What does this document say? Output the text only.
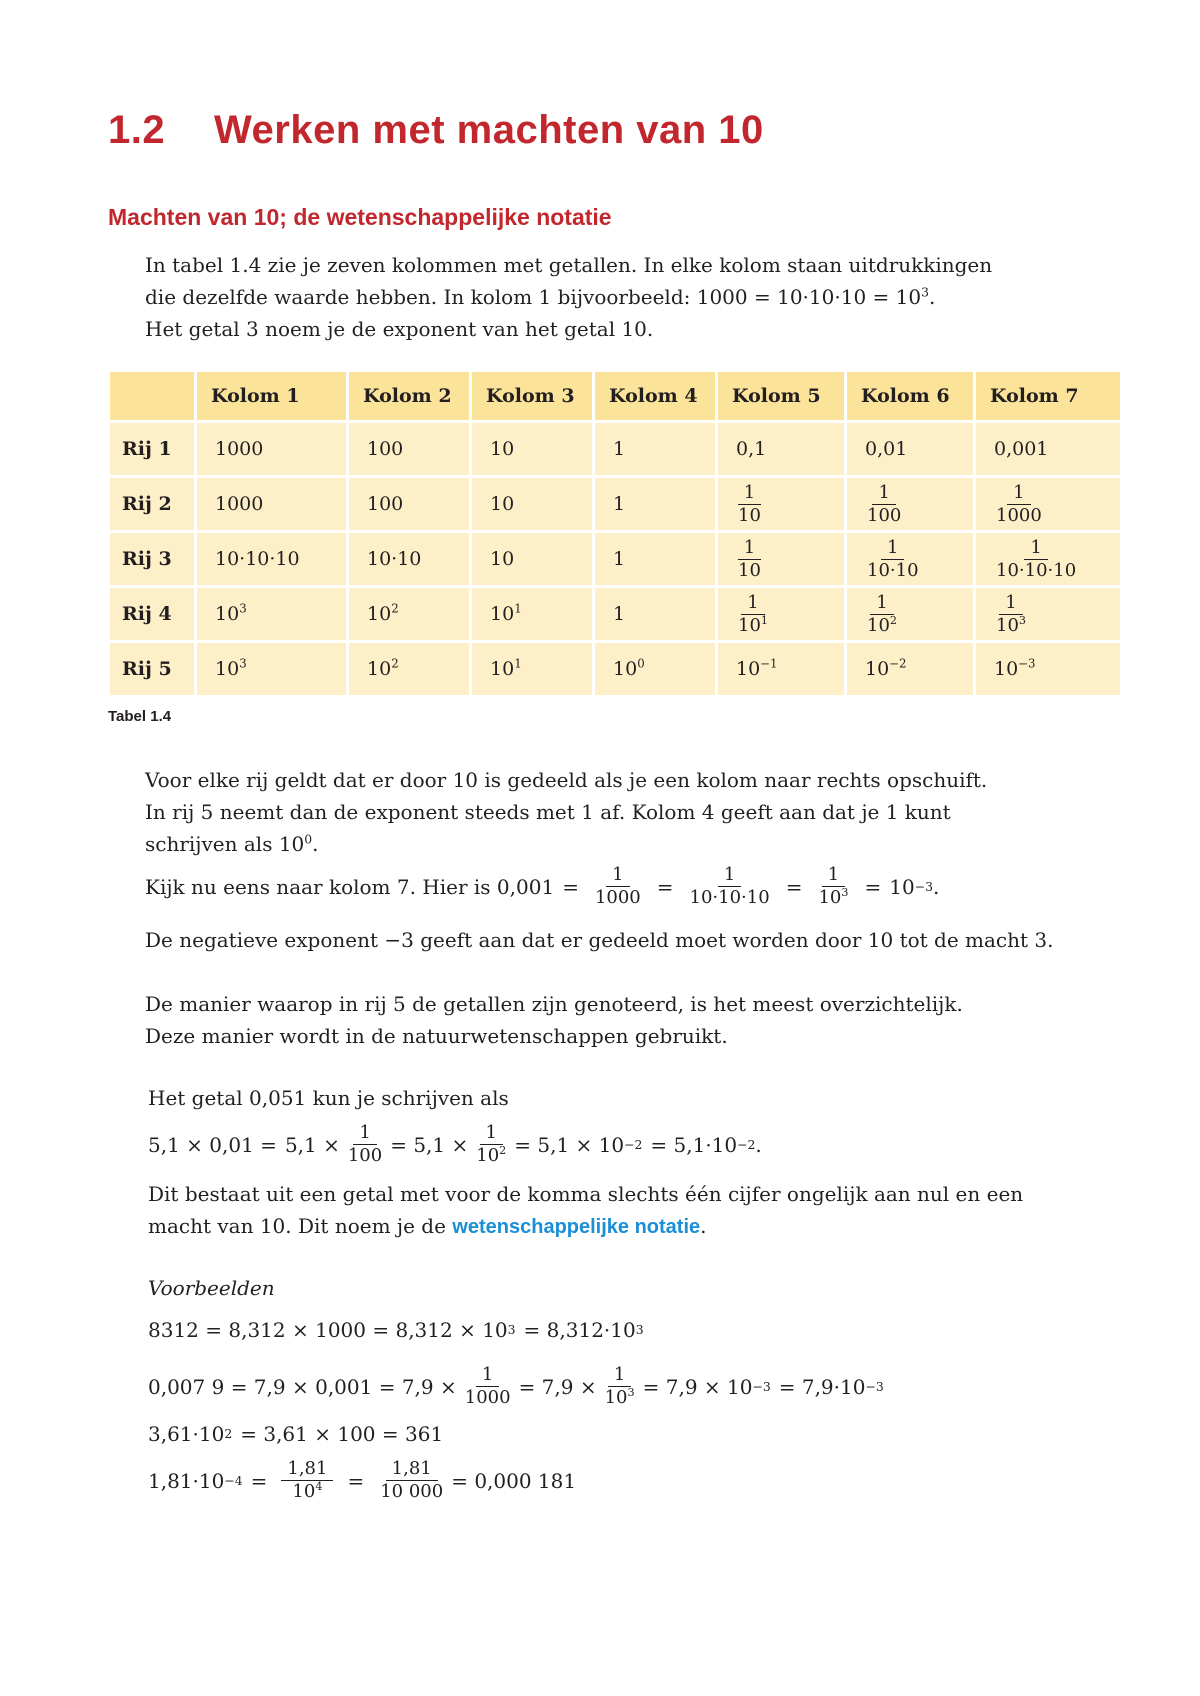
1.2 Werken met machten van 10
Machten van 10; de wetenschappelijke notatie
In tabel 1.4 zie je zeven kolommen met getallen. In elke kolom staan uitdrukkingen
die dezelfde waarde hebben. In kolom 1 bijvoorbeeld: $1000 = 10\cdot 10\cdot 10 = 10^3$.
Het getal 3 noem je de exponent van het getal 10.
	Kolom 1	Kolom 2	Kolom 3	Kolom 4	Kolom 5	Kolom 6	Kolom 7
Rij 1	1000	100	10	1	0,1	0,01	0,001
Rij 2	1000	100	10	1	$\frac{1}{10}$	$\frac{1}{100}$	$\frac{1}{1000}$

Rij 3	10·10·10	10·10	10	1	$\frac{1}{10}$	$\frac{1}{10\cdot 10}$	$\frac{1}{10\cdot 10\cdot 10}$

Rij 4	$10^3$	$10^2$	$10^1$	1	$\frac{1}{10^1}$	$\frac{1}{10^2}$	$\frac{1}{10^3}$

Rij 5	$10^3$	$10^2$	$10^1$	$10^0$	$10^{-1}$	$10^{-2}$	$10^{-3}$
Tabel 1.4
Voor elke rij geldt dat er door 10 is gedeeld als je een kolom naar rechts opschuift.
In rij 5 neemt dan de exponent steeds met 1 af. Kolom 4 geeft aan dat je 1 kunt
schrijven als $10^0$.
Kijk nu eens naar kolom 7. Hier is $0,001 = \frac{1}{1000} = \frac{1}{10\cdot 10\cdot 10} = \frac{1}{10^3} = 10 -3$ .
De negatieve exponent −3 geeft aan dat er gedeeld moet worden door 10 tot de macht 3.
De manier waarop in rij 5 de getallen zijn genoteerd, is het meest overzichtelijk.
Deze manier wordt in de natuurwetenschappen gebruikt.
Het getal 0,051 kun je schrijven als
$5,1 \times 0,01 = 5,1 \times \frac{1}{100} = 5,1 \times \frac{1}{10^2} = 5,1 \times 10 -2 = 5,1\cdot 10 -2$ .
Dit bestaat uit een getal met voor de komma slechts één cijfer ongelijk aan nul en een
macht van 10. Dit noem je de wetenschappelijke notatie.
Voorbeelden
8312 = 8,312 × 1000 = 8,312 × 10 3 = 8,312·10 3
0,007 $9 = 7,9 \times 0,001 = 7,9 \times \frac{1}{1000} = 7,9 \times \frac{1}{10^3} = 7,9 \times 10 -3 = 7,9\cdot 10 -3$
3,61·10 2 = 3,61 × 100 = 361
$1,81\cdot 10 -4 = \frac{1,81}{10^4} = \frac{1,81}{10 000} = 0,000$ 181
